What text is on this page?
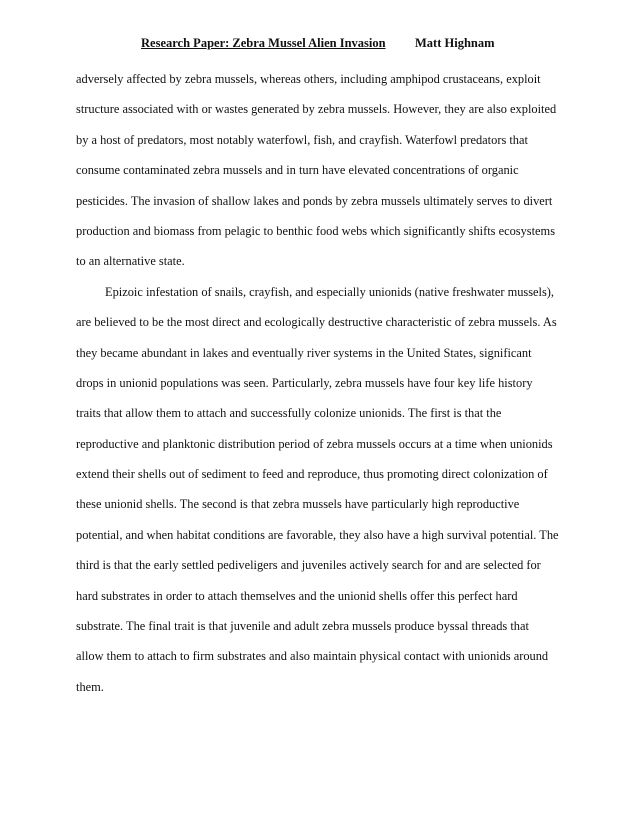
Research Paper: Zebra Mussel Alien Invasion Matt Highnam
adversely affected by zebra mussels, whereas others, including amphipod crustaceans, exploit
structure associated with or wastes generated by zebra mussels. However, they are also exploited
by a host of predators, most notably waterfowl, fish, and crayfish. Waterfowl predators that
consume contaminated zebra mussels and in turn have elevated concentrations of organic
pesticides. The invasion of shallow lakes and ponds by zebra mussels ultimately serves to divert
production and biomass from pelagic to benthic food webs which significantly shifts ecosystems
to an alternative state.
Epizoic infestation of snails, crayfish, and especially unionids (native freshwater mussels),
are believed to be the most direct and ecologically destructive characteristic of zebra mussels. As
they became abundant in lakes and eventually river systems in the United States, significant
drops in unionid populations was seen. Particularly, zebra mussels have four key life history
traits that allow them to attach and successfully colonize unionids. The first is that the
reproductive and planktonic distribution period of zebra mussels occurs at a time when unionids
extend their shells out of sediment to feed and reproduce, thus promoting direct colonization of
these unionid shells. The second is that zebra mussels have particularly high reproductive
potential, and when habitat conditions are favorable, they also have a high survival potential. The
third is that the early settled pediveligers and juveniles actively search for and are selected for
hard substrates in order to attach themselves and the unionid shells offer this perfect hard
substrate. The final trait is that juvenile and adult zebra mussels produce byssal threads that
allow them to attach to firm substrates and also maintain physical contact with unionids around
them.
